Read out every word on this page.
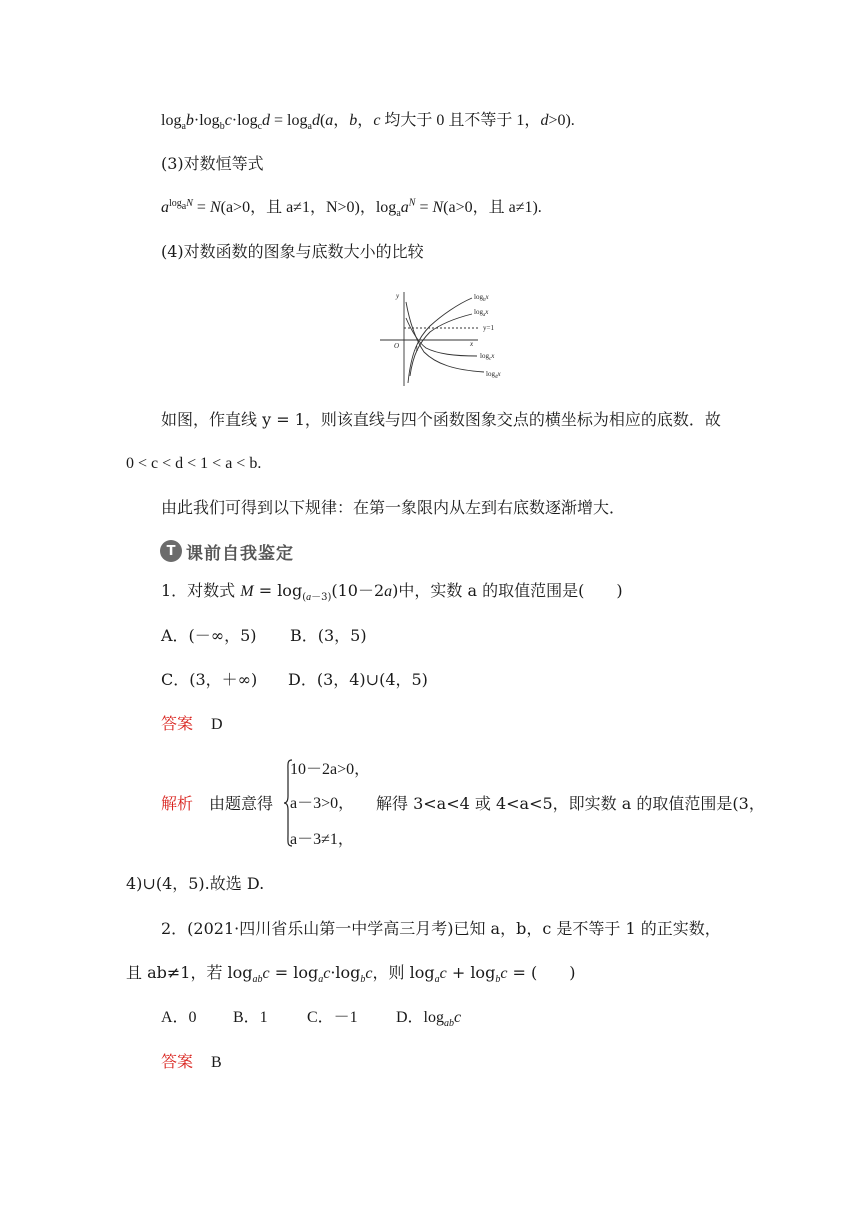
$\log_ab\cdot\log_bc\cdot\log_cd = \log_ad(a$，b，c 均大于 0 且不等于 1，d>0).
(3)对数恒等式
$a^{log_aN} = N(a>0$，且 a≠1，N>0)，$\log_aa^N = N(a>0$，且 a≠1).
(4)对数函数的图象与底数大小的比较
y
x
O 1
y=1
$\log_bx$
$\log_ax$
$\log_cx$
$\log_dx$
如图，作直线 y = 1，则该直线与四个函数图象交点的横坐标为相应的底数．故
0 < c < d < 1 < a < b.
由此我们可得到以下规律：在第一象限内从左到右底数逐渐增大．
T 课前自我鉴定
1．对数式 $M = \log_{(a-3)}(10-2a)$中，实数 a 的取值范围是(　　)
A．(－∞，5) B．(3，5)
C．(3，＋∞) D．(3，4)∪(4，5)
答案 D
解析 由题意得
10－2a>0，
a－3>0，
a－3≠1，
解得 3<a<4 或 4<a<5，即实数 a 的取值范围是(3，
4)∪(4，5).故选 D.
2．(2021·四川省乐山第一中学高三月考)已知 a，b，c 是不等于 1 的正实数，
且 ab≠1，若 $\log_{ab}c = \log_ac\cdot\log_bc$，则 $\log_ac + \log_bc$ = (　　)
A．0 B．1 C．－1 D．$\log_{ab}c$
答案 B
